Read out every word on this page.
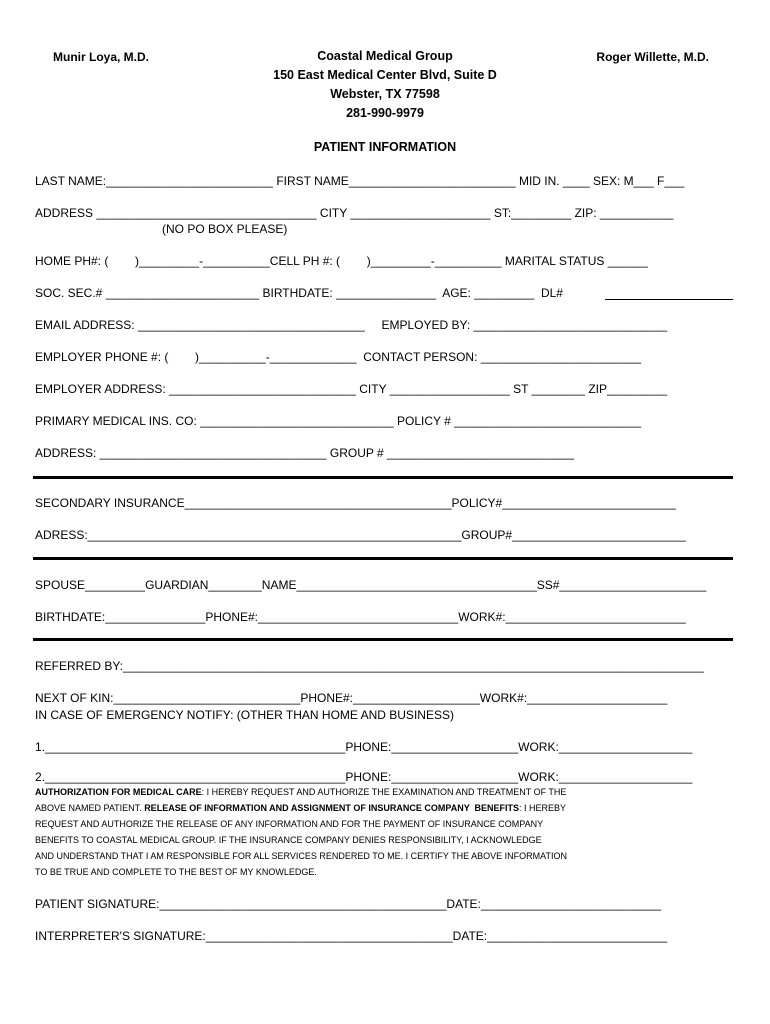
Munir Loya, M.D.	Roger Willette, M.D.
Coastal Medical Group
150 East Medical Center Blvd, Suite D
Webster, TX 77598
281-990-9979
PATIENT INFORMATION
LAST NAME:_________________________ FIRST NAME_________________________ MID IN. ____ SEX: M___ F___
ADDRESS _________________________________ CITY _____________________ ST:_________ ZIP: ___________
(NO PO BOX PLEASE)
HOME PH#: (        )_________-__________CELL PH #: (        )_________-__________ MARITAL STATUS ______
SOC. SEC.# _______________________ BIRTHDATE: _______________  AGE: _________  DL#
EMAIL ADDRESS: __________________________________     EMPLOYED BY: _____________________________
EMPLOYER PHONE #: (        )__________-_____________  CONTACT PERSON: ________________________
EMPLOYER ADDRESS: ____________________________ CITY __________________ ST ________ ZIP_________
PRIMARY MEDICAL INS. CO: _____________________________ POLICY # ____________________________
ADDRESS: __________________________________ GROUP # ____________________________
SECONDARY INSURANCE________________________________________POLICY#__________________________
ADRESS:________________________________________________________GROUP#__________________________
SPOUSE_________GUARDIAN________NAME____________________________________SS#______________________
BIRTHDATE:_______________PHONE#:______________________________WORK#:___________________________
REFERRED BY:_______________________________________________________________________________________
NEXT OF KIN:____________________________PHONE#:___________________WORK#:_____________________
IN CASE OF EMERGENCY NOTIFY: (OTHER THAN HOME AND BUSINESS)
1._____________________________________________PHONE:___________________WORK:____________________
2._____________________________________________PHONE:___________________WORK:____________________
AUTHORIZATION FOR MEDICAL CARE: I HEREBY REQUEST AND AUTHORIZE THE EXAMINATION AND TREATMENT OF THE
ABOVE NAMED PATIENT. RELEASE OF INFORMATION AND ASSIGNMENT OF INSURANCE COMPANY  BENEFITS: I HEREBY
REQUEST AND AUTHORIZE THE RELEASE OF ANY INFORMATION AND FOR THE PAYMENT OF INSURANCE COMPANY
BENEFITS TO COASTAL MEDICAL GROUP. IF THE INSURANCE COMPANY DENIES RESPONSIBILITY, I ACKNOWLEDGE
AND UNDERSTAND THAT I AM RESPONSIBLE FOR ALL SERVICES RENDERED TO ME. I CERTIFY THE ABOVE INFORMATION
TO BE TRUE AND COMPLETE TO THE BEST OF MY KNOWLEDGE.
PATIENT SIGNATURE:___________________________________________DATE:___________________________
INTERPRETER'S SIGNATURE:_____________________________________DATE:___________________________
